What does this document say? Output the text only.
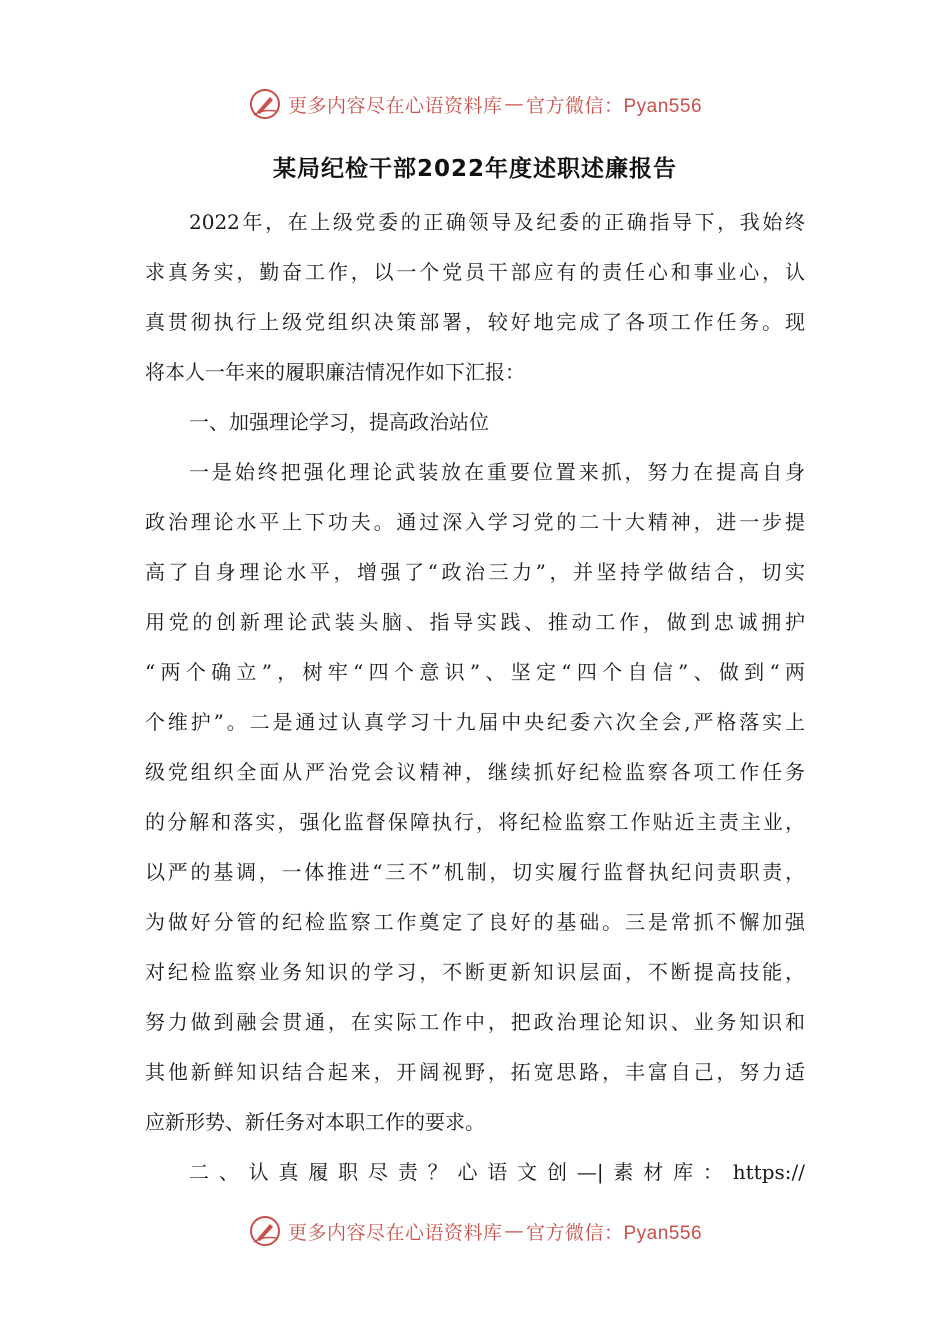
更多内容尽在心语资料库 — 官方微信：Pyan556
某局纪检干部2022年度述职述廉报告
2022年，在上级党委的正确领导及纪委的正确指导下，我始终
求真务实，勤奋工作，以一个党员干部应有的责任心和事业心，认
真贯彻执行上级党组织决策部署，较好地完成了各项工作任务。现
将本人一年来的履职廉洁情况作如下汇报：
一、加强理论学习，提高政治站位
一是始终把强化理论武装放在重要位置来抓，努力在提高自身
政治理论水平上下功夫。通过深入学习党的二十大精神，进一步提
高了自身理论水平，增强了“政治三力”，并坚持学做结合，切实
用党的创新理论武装头脑、指导实践、推动工作，做到忠诚拥护
“两个确立”，树牢“四个意识”、坚定“四个自信”、做到“两
个维护”。二是通过认真学习十九届中央纪委六次全会,严格落实上
级党组织全面从严治党会议精神，继续抓好纪检监察各项工作任务
的分解和落实，强化监督保障执行，将纪检监察工作贴近主责主业，
以严的基调，一体推进“三不”机制，切实履行监督执纪问责职责，
为做好分管的纪检监察工作奠定了良好的基础。三是常抓不懈加强
对纪检监察业务知识的学习，不断更新知识层面，不断提高技能，
努力做到融会贯通，在实际工作中，把政治理论知识、业务知识和
其他新鲜知识结合起来，开阔视野，拓宽思路，丰富自己，努力适
应新形势、新任务对本职工作的要求。
二、认真履职尽责？心语文创—|素材库：https://
更多内容尽在心语资料库 — 官方微信：Pyan556
